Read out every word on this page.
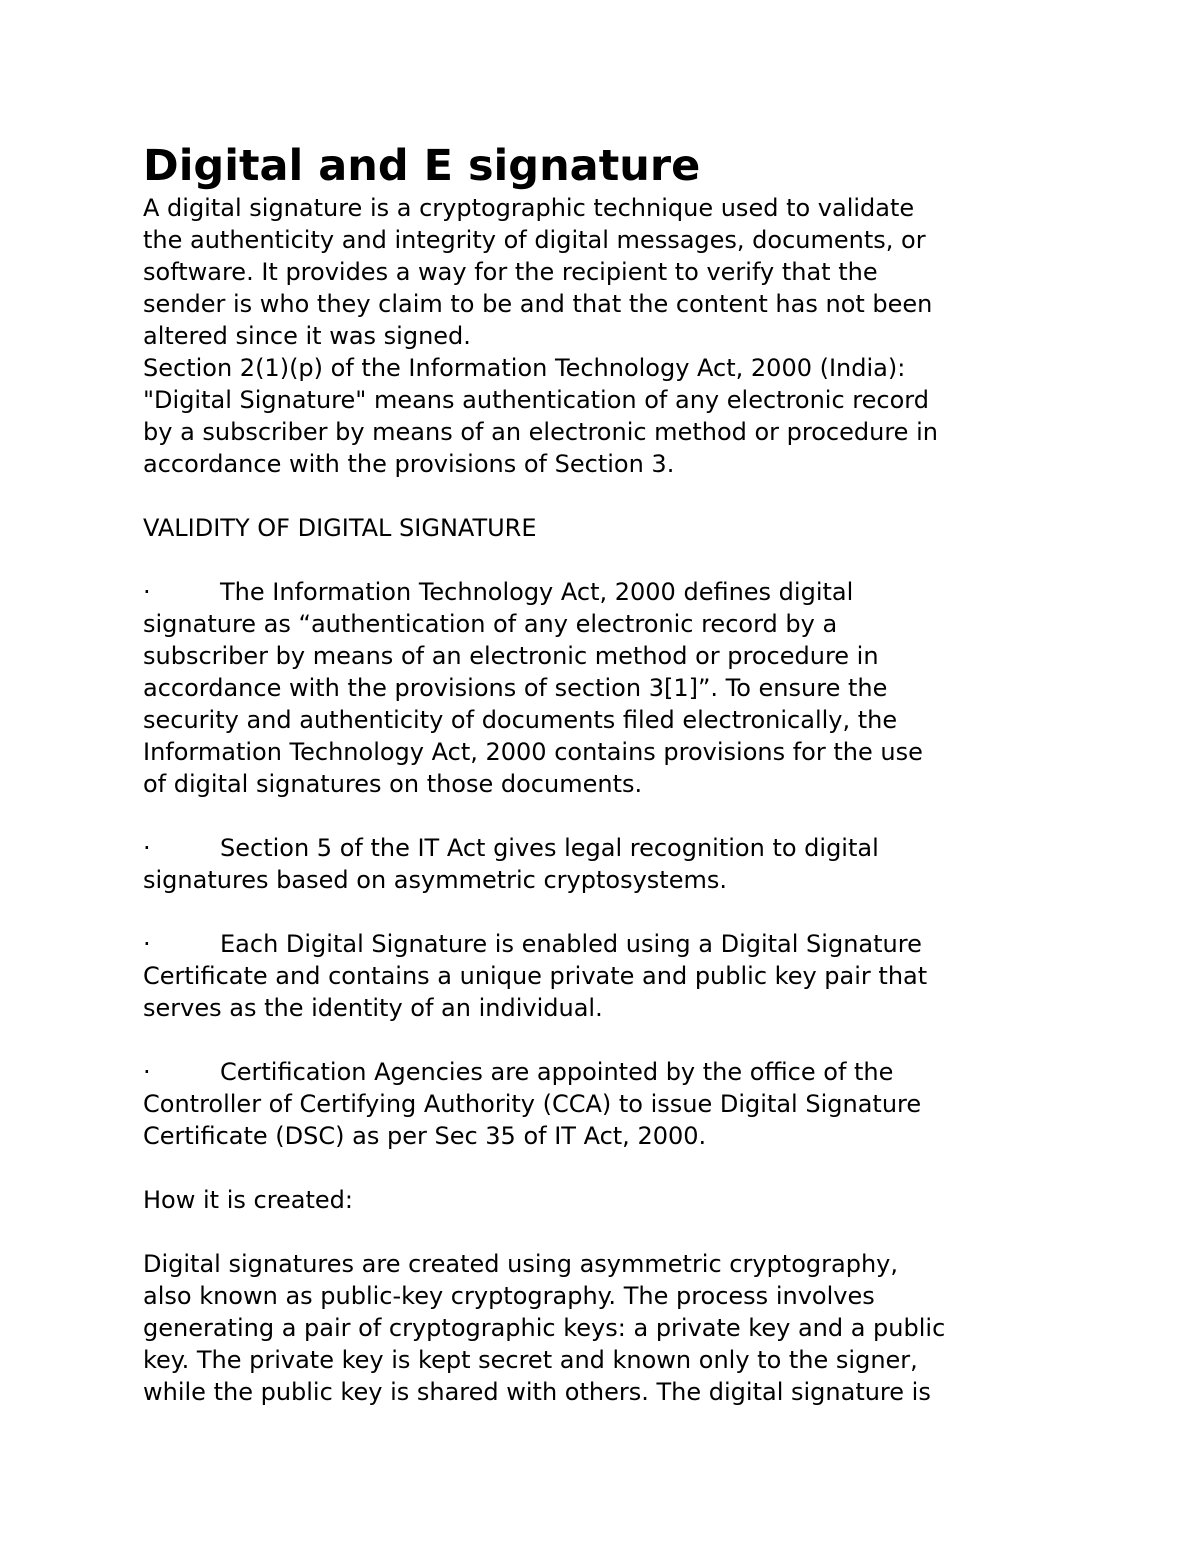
Digital and E signature
A digital signature is a cryptographic technique used to validate
the authenticity and integrity of digital messages, documents, or
software. It provides a way for the recipient to verify that the
sender is who they claim to be and that the content has not been
altered since it was signed.
Section 2(1)(p) of the Information Technology Act, 2000 (India):
"Digital Signature" means authentication of any electronic record
by a subscriber by means of an electronic method or procedure in
accordance with the provisions of Section 3.
VALIDITY OF DIGITAL SIGNATURE
·	The Information Technology Act, 2000 defines digital
signature as “authentication of any electronic record by a
subscriber by means of an electronic method or procedure in
accordance with the provisions of section 3[1]”. To ensure the
security and authenticity of documents filed electronically, the
Information Technology Act, 2000 contains provisions for the use
of digital signatures on those documents.
·	Section 5 of the IT Act gives legal recognition to digital
signatures based on asymmetric cryptosystems.
·	Each Digital Signature is enabled using a Digital Signature
Certificate and contains a unique private and public key pair that
serves as the identity of an individual.
·	Certification Agencies are appointed by the office of the
Controller of Certifying Authority (CCA) to issue Digital Signature
Certificate (DSC) as per Sec 35 of IT Act, 2000.
How it is created:
Digital signatures are created using asymmetric cryptography,
also known as public-key cryptography. The process involves
generating a pair of cryptographic keys: a private key and a public
key. The private key is kept secret and known only to the signer,
while the public key is shared with others. The digital signature is
